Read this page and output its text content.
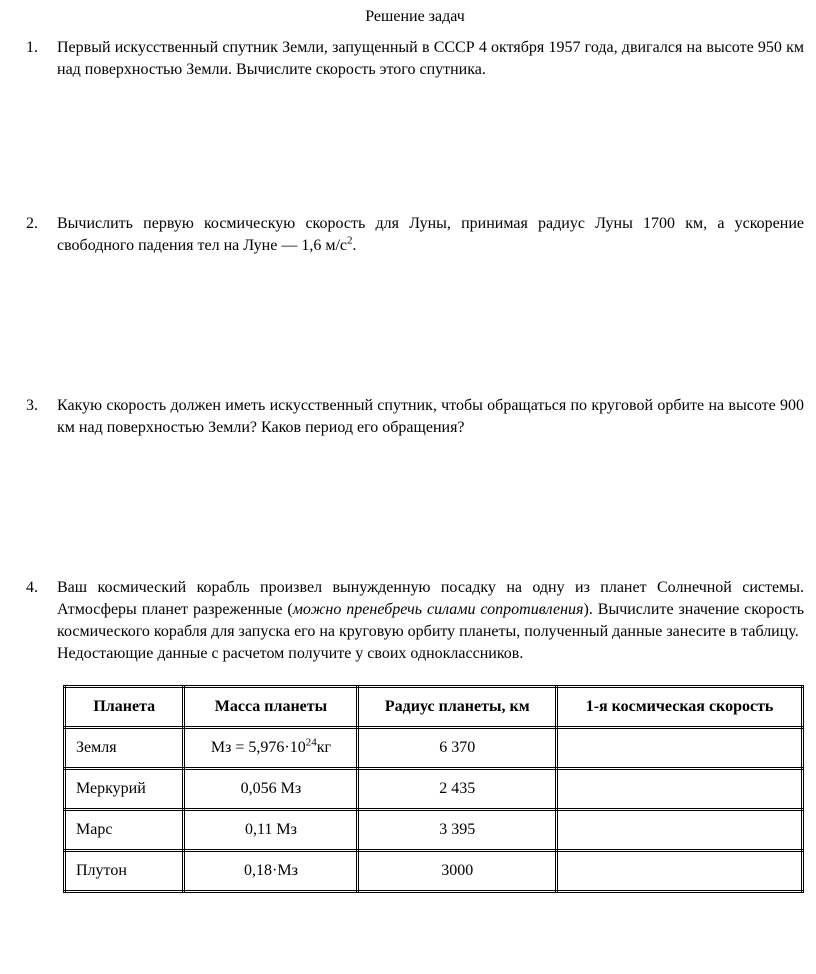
Решение задач
1.	Первый искусственный спутник Земли, запущенный в СССР 4 октября 1957 года, двигался на высоте 950 км над поверхностью Земли. Вычислите скорость этого спутника.
2.	Вычислить первую космическую скорость для Луны, принимая радиус Луны 1700 км, а ускорение свободного падения тел на Луне — 1,6 $м/с^2$.
3.	Какую скорость должен иметь искусственный спутник, чтобы обращаться по круговой орбите на высоте 900 км над поверхностью Земли? Каков период его обращения?
4.	Ваш космический корабль произвел вынужденную посадку на одну из планет Солнечной системы. Атмосферы планет разреженные (можно пренебречь силами сопротивления). Вычислите значение скорость космического корабля для запуска его на круговую орбиту планеты, полученный данные занесите в таблицу.
Недостающие данные с расчетом получите у своих одноклассников.
Планета	Масса планеты	Радиус планеты, км	1-я космическая скорость
Земля	Мз = $5,976\cdot 10^{24}кг$	6 370	
Меркурий	0,056 Мз	2 435	
Марс	0,11 Мз	3 395	
Плутон	0,18·Мз	3000	
